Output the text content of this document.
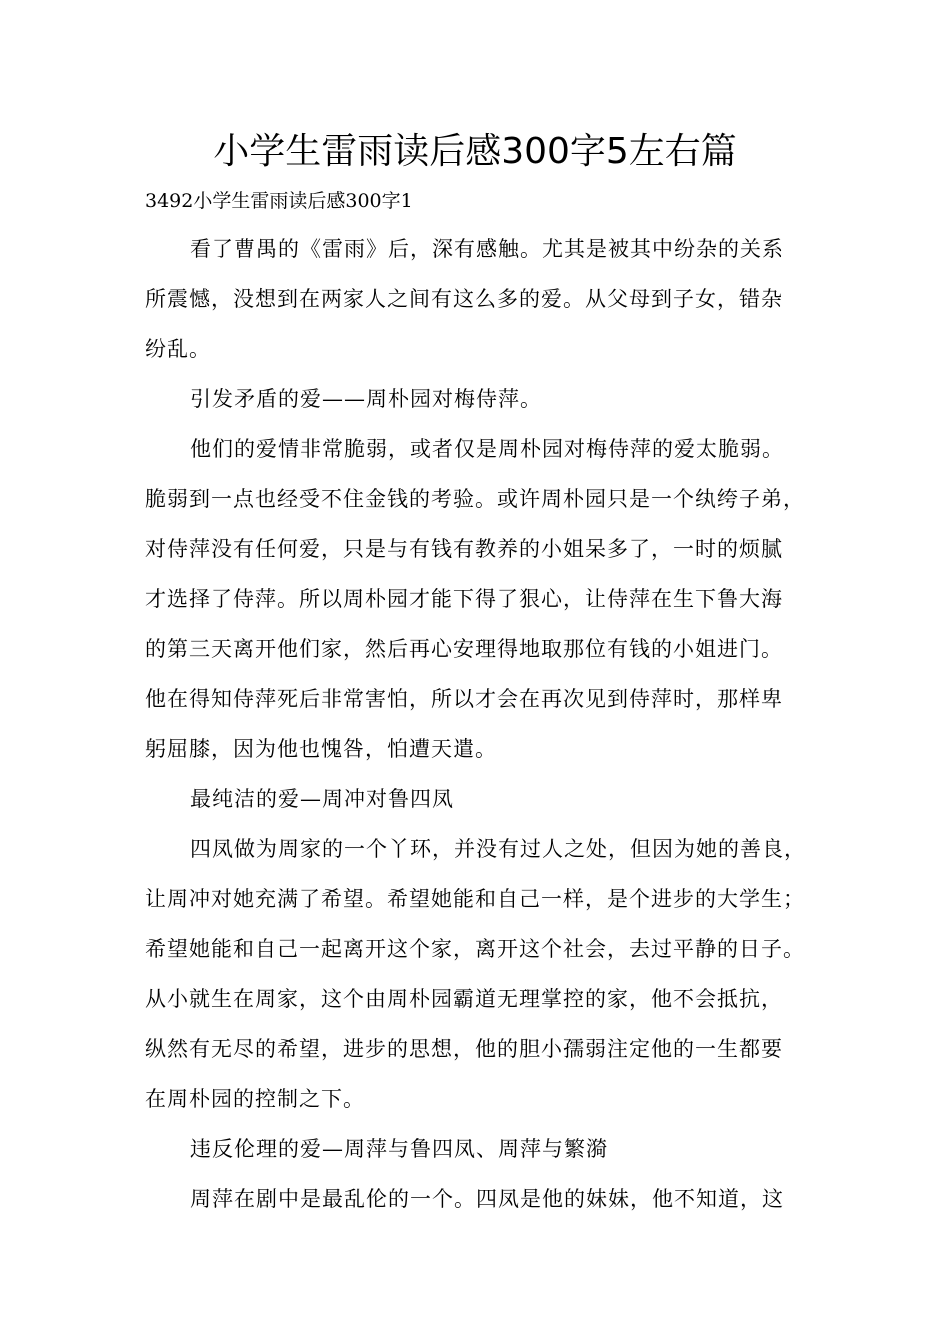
小学生雷雨读后感300字5左右篇
3492小学生雷雨读后感300字1
看了曹禺的《雷雨》后，深有感触。尤其是被其中纷杂的关系
所震憾，没想到在两家人之间有这么多的爱。从父母到子女，错杂
纷乱。
引发矛盾的爱——周朴园对梅侍萍。
他们的爱情非常脆弱，或者仅是周朴园对梅侍萍的爱太脆弱。
脆弱到一点也经受不住金钱的考验。或许周朴园只是一个纨绔子弟，
对侍萍没有任何爱，只是与有钱有教养的小姐呆多了，一时的烦腻
才选择了侍萍。所以周朴园才能下得了狠心，让侍萍在生下鲁大海
的第三天离开他们家，然后再心安理得地取那位有钱的小姐进门。
他在得知侍萍死后非常害怕，所以才会在再次见到侍萍时，那样卑
躬屈膝，因为他也愧咎，怕遭天遣。
最纯洁的爱—周冲对鲁四凤
四凤做为周家的一个丫环，并没有过人之处，但因为她的善良，
让周冲对她充满了希望。希望她能和自己一样，是个进步的大学生；
希望她能和自己一起离开这个家，离开这个社会，去过平静的日子。
从小就生在周家，这个由周朴园霸道无理掌控的家，他不会抵抗，
纵然有无尽的希望，进步的思想，他的胆小孺弱注定他的一生都要
在周朴园的控制之下。
违反伦理的爱—周萍与鲁四凤、周萍与繁漪
周萍在剧中是最乱伦的一个。四凤是他的妹妹，他不知道，这
